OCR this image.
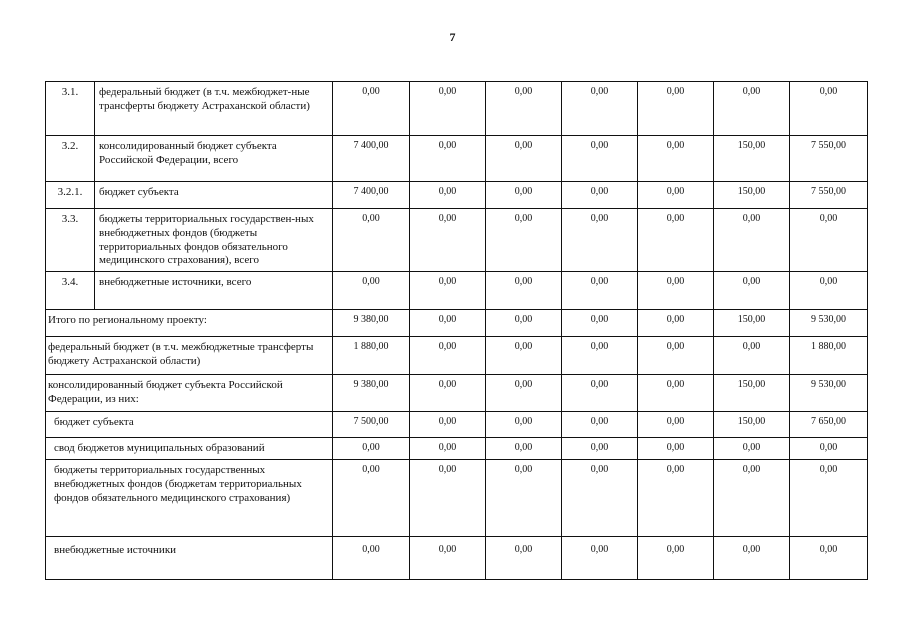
7
3.1.	федеральный бюджет (в т.ч. межбюджет-ные трансферты бюджету Астраханской области)	0,00	0,00	0,00	0,00	0,00	0,00	0,00
3.2.	консолидированный бюджет субъекта Российской Федерации, всего	7 400,00	0,00	0,00	0,00	0,00	150,00	7 550,00
3.2.1.	бюджет субъекта	7 400,00	0,00	0,00	0,00	0,00	150,00	7 550,00
3.3.	бюджеты территориальных государствен-ных внебюджетных фондов (бюджеты территориальных фондов обязательного медицинского страхования), всего	0,00	0,00	0,00	0,00	0,00	0,00	0,00
3.4.	внебюджетные источники, всего	0,00	0,00	0,00	0,00	0,00	0,00	0,00
Итого по региональному проекту:		9 380,00	0,00	0,00	0,00	0,00	150,00	9 530,00
федеральный бюджет (в т.ч. межбюджетные трансферты бюджету Астраханской области)		1 880,00	0,00	0,00	0,00	0,00	0,00	1 880,00
консолидированный бюджет субъекта Российской Федерации, из них:		9 380,00	0,00	0,00	0,00	0,00	150,00	9 530,00
бюджет субъекта		7 500,00	0,00	0,00	0,00	0,00	150,00	7 650,00
свод бюджетов муниципальных образований		0,00	0,00	0,00	0,00	0,00	0,00	0,00
бюджеты территориальных государственных внебюджетных фондов (бюджетам территориальных фондов обязательного медицинского страхования)		0,00	0,00	0,00	0,00	0,00	0,00	0,00
внебюджетные источники		0,00	0,00	0,00	0,00	0,00	0,00	0,00
